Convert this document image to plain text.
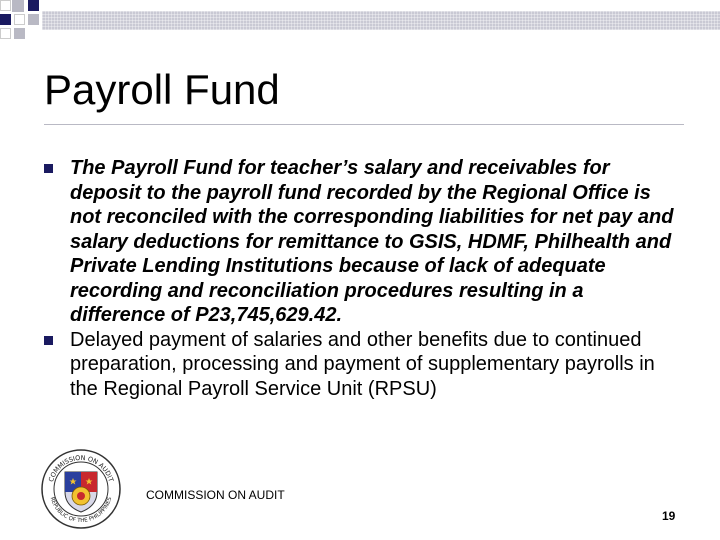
Payroll Fund
The Payroll Fund for teacher’s salary and receivables for deposit to the payroll fund recorded by the Regional Office is not reconciled with the corresponding liabilities for net pay and salary deductions for remittance to GSIS, HDMF, Philhealth and Private Lending Institutions because of lack of adequate recording and reconciliation procedures resulting in a difference of P23,745,629.42.
Delayed payment of salaries and other benefits due to continued preparation, processing and payment of supplementary payrolls in the Regional Payroll Service Unit (RPSU)
COMMISSION ON AUDIT
REPUBLIC OF THE PHILIPPINES	COMMISSION ON AUDIT
19
